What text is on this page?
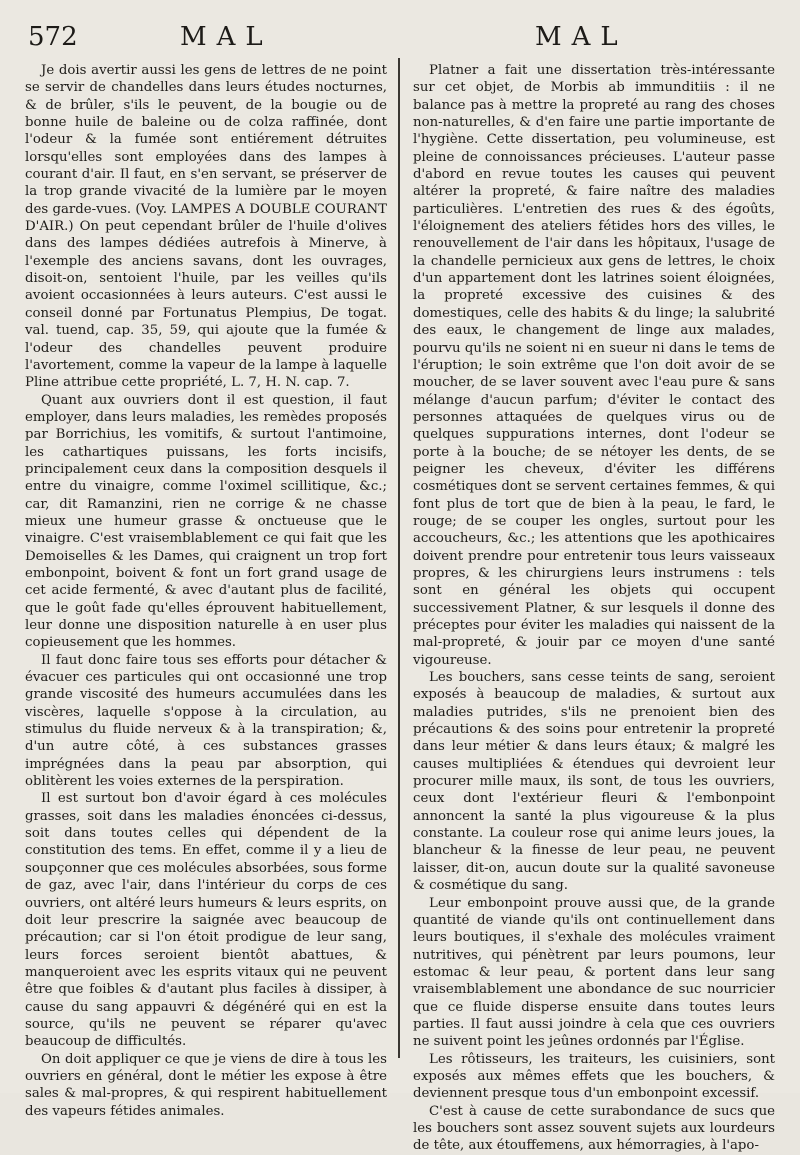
572	MAL	MAL

Je dois avertir aussi les gens de lettres de ne point se servir de chandelles dans leurs études nocturnes, & de brûler, s'ils le peuvent, de la bougie ou de bonne huile de baleine ou de colza raffinée, dont l'odeur & la fumée sont entiérement détruites lorsqu'elles sont employées dans des lampes à courant d'air. Il faut, en s'en servant, se préserver de la trop grande vivacité de la lumière par le moyen des garde-vues. (Voy. LAMPES A DOUBLE COURANT D'AIR.) On peut cependant brûler de l'huile d'olives dans des lampes dédiées autrefois à Minerve, à l'exemple des anciens savans, dont les ouvrages, disoit-on, sentoient l'huile, par les veilles qu'ils avoient occasionnées à leurs auteurs. C'est aussi le conseil donné par Fortunatus Plempius, De togat. val. tuend, cap. 35, 59, qui ajoute que la fumée & l'odeur des chandelles peuvent produire l'avortement, comme la vapeur de la lampe à laquelle Pline attribue cette propriété, L. 7, H. N. cap. 7.

Quant aux ouvriers dont il est question, il faut employer, dans leurs maladies, les remèdes proposés par Borrichius, les vomitifs, & surtout l'antimoine, les cathartiques puissans, les forts incisifs, principalement ceux dans la composition desquels il entre du vinaigre, comme l'oximel scillitique, &c.; car, dit Ramanzini, rien ne corrige & ne chasse mieux une humeur grasse & onctueuse que le vinaigre. C'est vraisemblablement ce qui fait que les Demoiselles & les Dames, qui craignent un trop fort embonpoint, boivent & font un fort grand usage de cet acide fermenté, & avec d'autant plus de facilité, que le goût fade qu'elles éprouvent habituellement, leur donne une disposition naturelle à en user plus copieusement que les hommes.

Il faut donc faire tous ses efforts pour détacher & évacuer ces particules qui ont occasionné une trop grande viscosité des humeurs accumulées dans les viscères, laquelle s'oppose à la circulation, au stimulus du fluide nerveux & à la transpiration; &, d'un autre côté, à ces substances grasses imprégnées dans la peau par absorption, qui oblitèrent les voies externes de la perspiration.

Il est surtout bon d'avoir égard à ces molécules grasses, soit dans les maladies énoncées ci-dessus, soit dans toutes celles qui dépendent de la constitution des tems. En effet, comme il y a lieu de soupçonner que ces molécules absorbées, sous forme de gaz, avec l'air, dans l'intérieur du corps de ces ouvriers, ont altéré leurs humeurs & leurs esprits, on doit leur prescrire la saignée avec beaucoup de précaution; car si l'on étoit prodigue de leur sang, leurs forces seroient bientôt abattues, & manqueroient avec les esprits vitaux qui ne peuvent être que foibles & d'autant plus faciles à dissiper, à cause du sang appauvri & dégénéré qui en est la source, qu'ils ne peuvent se réparer qu'avec beaucoup de difficultés.

On doit appliquer ce que je viens de dire à tous les ouvriers en général, dont le métier les expose à être sales & mal-propres, & qui respirent habituellement des vapeurs fétides animales.

Platner a fait une dissertation très-intéressante sur cet objet, de Morbis ab immunditiis : il ne balance pas à mettre la propreté au rang des choses non-naturelles, & d'en faire une partie importante de l'hygiène. Cette dissertation, peu volumineuse, est pleine de connoissances précieuses. L'auteur passe d'abord en revue toutes les causes qui peuvent altérer la propreté, & faire naître des maladies particulières. L'entretien des rues & des égoûts, l'éloignement des ateliers fétides hors des villes, le renouvellement de l'air dans les hôpitaux, l'usage de la chandelle pernicieux aux gens de lettres, le choix d'un appartement dont les latrines soient éloignées, la propreté excessive des cuisines & des domestiques, celle des habits & du linge; la salubrité des eaux, le changement de linge aux malades, pourvu qu'ils ne soient ni en sueur ni dans le tems de l'éruption; le soin extrême que l'on doit avoir de se moucher, de se laver souvent avec l'eau pure & sans mélange d'aucun parfum; d'éviter le contact des personnes attaquées de quelques virus ou de quelques suppurations internes, dont l'odeur se porte à la bouche; de se nétoyer les dents, de se peigner les cheveux, d'éviter les différens cosmétiques dont se servent certaines femmes, & qui font plus de tort que de bien à la peau, le fard, le rouge; de se couper les ongles, surtout pour les accoucheurs, &c.; les attentions que les apothicaires doivent prendre pour entretenir tous leurs vaisseaux propres, & les chirurgiens leurs instrumens : tels sont en général les objets qui occupent successivement Platner, & sur lesquels il donne des préceptes pour éviter les maladies qui naissent de la mal-propreté, & jouir par ce moyen d'une santé vigoureuse.

Les bouchers, sans cesse teints de sang, seroient exposés à beaucoup de maladies, & surtout aux maladies putrides, s'ils ne prenoient bien des précautions & des soins pour entretenir la propreté dans leur métier & dans leurs étaux; & malgré les causes multipliées & étendues qui devroient leur procurer mille maux, ils sont, de tous les ouvriers, ceux dont l'extérieur fleuri & l'embonpoint annoncent la santé la plus vigoureuse & la plus constante. La couleur rose qui anime leurs joues, la blancheur & la finesse de leur peau, ne peuvent laisser, dit-on, aucun doute sur la qualité savoneuse & cosmétique du sang.

Leur embonpoint prouve aussi que, de la grande quantité de viande qu'ils ont continuellement dans leurs boutiques, il s'exhale des molécules vraiment nutritives, qui pénètrent par leurs poumons, leur estomac & leur peau, & portent dans leur sang vraisemblablement une abondance de suc nourricier que ce fluide disperse ensuite dans toutes leurs parties. Il faut aussi joindre à cela que ces ouvriers ne suivent point les jeûnes ordonnés par l'Église.

Les rôtisseurs, les traiteurs, les cuisiniers, sont exposés aux mêmes effets que les bouchers, & deviennent presque tous d'un embonpoint excessif.

C'est à cause de cette surabondance de sucs que les bouchers sont assez souvent sujets aux lourdeurs de tête, aux étouffemens, aux hémorragies, à l'apo-
